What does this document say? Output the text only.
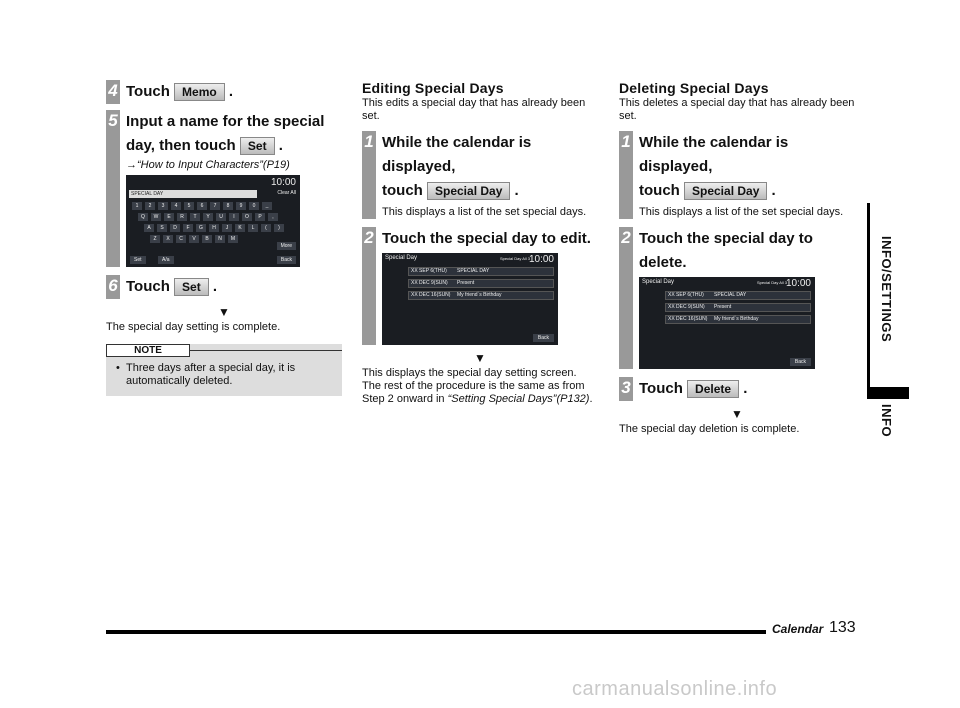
4 Touch Memo .
5 Input a name for the special
day, then touch Set .
→“How to Input Characters”(P19)
10:00
SPECIAL DAY	Clear All
1	2	3	4	5	6	7	8	9	0	_
Q	W	E	R	T	Y	U	I	O	P	,
A	S	D	F	G	H	J	K	L	(	)
Z	X	C	V	B	N	M
More
Set	A/a	Back
6 Touch Set .
▼
The special day setting is complete.
NOTE
• Three days after a special day, it is automatically deleted.
Editing Special Days
This edits a special day that has already been set.
1 While the calendar is displayed,
touch Special Day .
This displays a list of the set special days.
2 Touch the special day to edit.
Special Day	Special Day All 3
10:00
XX SEP 6(THU)	SPECIAL DAY
XX DEC 9(SUN)	Present
XX DEC 16(SUN)	My friend`s Birthday
Back
▼
This displays the special day setting screen. The rest of the procedure is the same as from Step 2 onward in “Setting Special Days”(P132).
Deleting Special Days
This deletes a special day that has already been set.
1 While the calendar is displayed,
touch Special Day .
This displays a list of the set special days.
2 Touch the special day to delete.
Special Day	Special Day All 3
10:00
XX SEP 6(THU)	SPECIAL DAY
XX DEC 9(SUN)	Present
XX DEC 16(SUN)	My friend`s Birthday
Back
3 Touch Delete .
▼
The special day deletion is complete.
INFO/SETTINGS
INFO
Calendar 133
carmanualsonline.info
